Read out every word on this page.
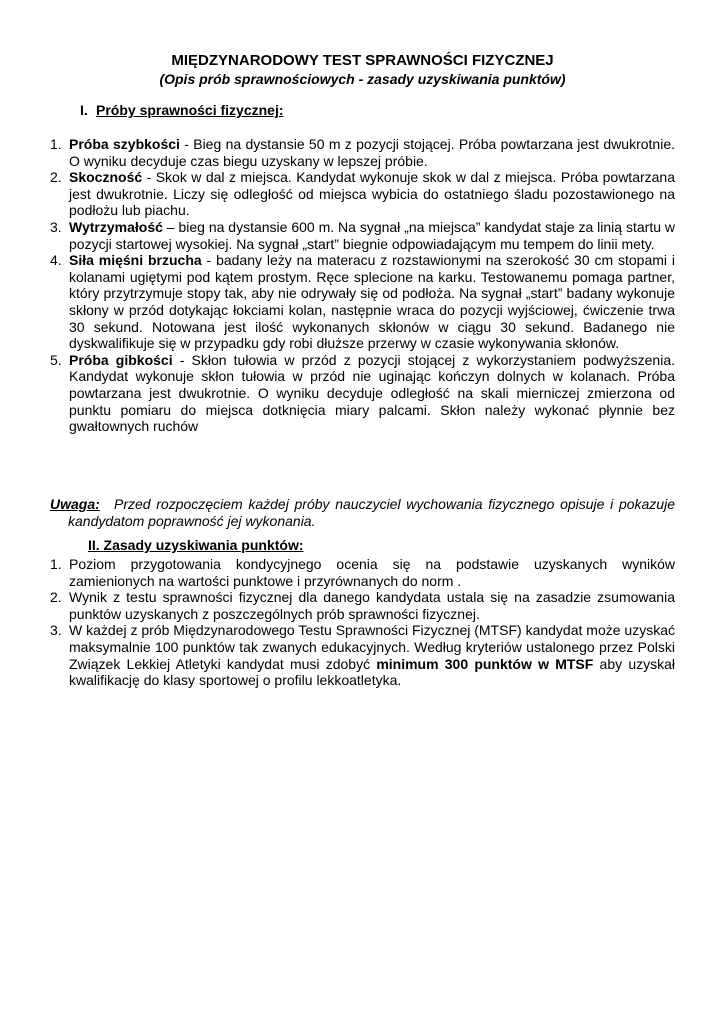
MIĘDZYNARODOWY TEST SPRAWNOŚCI FIZYCZNEJ
(Opis prób sprawnościowych - zasady uzyskiwania punktów)
I. Próby sprawności fizycznej:
1. Próba szybkości - Bieg na dystansie 50 m z pozycji stojącej. Próba powtarzana jest dwukrotnie. O wyniku decyduje czas biegu uzyskany w lepszej próbie.
2. Skoczność - Skok w dal z miejsca. Kandydat wykonuje skok w dal z miejsca. Próba powtarzana jest dwukrotnie. Liczy się odległość od miejsca wybicia do ostatniego śladu pozostawionego na podłożu lub piachu.
3. Wytrzymałość – bieg na dystansie 600 m. Na sygnał „na miejsca” kandydat staje za linią startu w pozycji startowej wysokiej. Na sygnał „start” biegnie odpowiadającym mu tempem do linii mety.
4. Siła mięśni brzucha - badany leży na materacu z rozstawionymi na szerokość 30 cm stopami i kolanami ugiętymi pod kątem prostym. Ręce splecione na karku. Testowanemu pomaga partner, który przytrzymuje stopy tak, aby nie odrywały się od podłoża. Na sygnał „start” badany wykonuje skłony w przód dotykając łokciami kolan, następnie wraca do pozycji wyjściowej, ćwiczenie trwa 30 sekund. Notowana jest ilość wykonanych skłonów w ciągu 30 sekund. Badanego nie dyskwalifikuje się w przypadku gdy robi dłuższe przerwy w czasie wykonywania skłonów.
5. Próba gibkości - Skłon tułowia w przód z pozycji stojącej z wykorzystaniem podwyższenia. Kandydat wykonuje skłon tułowia w przód nie uginając kończyn dolnych w kolanach. Próba powtarzana jest dwukrotnie. O wyniku decyduje odległość na skali mierniczej zmierzona od punktu pomiaru do miejsca dotknięcia miary palcami. Skłon należy wykonać płynnie bez gwałtownych ruchów
Uwaga:	Przed rozpoczęciem każdej próby nauczyciel wychowania fizycznego opisuje i pokazuje kandydatom poprawność jej wykonania.
II. Zasady uzyskiwania punktów:
1. Poziom przygotowania kondycyjnego ocenia się na podstawie uzyskanych wyników zamienionych na wartości punktowe i przyrównanych do norm .
2. Wynik z testu sprawności fizycznej dla danego kandydata ustala się na zasadzie zsumowania punktów uzyskanych z poszczególnych prób sprawności fizycznej.
3. W każdej z prób Międzynarodowego Testu Sprawności Fizycznej (MTSF) kandydat może uzyskać maksymalnie 100 punktów tak zwanych edukacyjnych. Według kryteriów ustalonego przez Polski Związek Lekkiej Atletyki kandydat musi zdobyć minimum 300 punktów w MTSF aby uzyskał kwalifikację do klasy sportowej o profilu lekkoatletyka.
